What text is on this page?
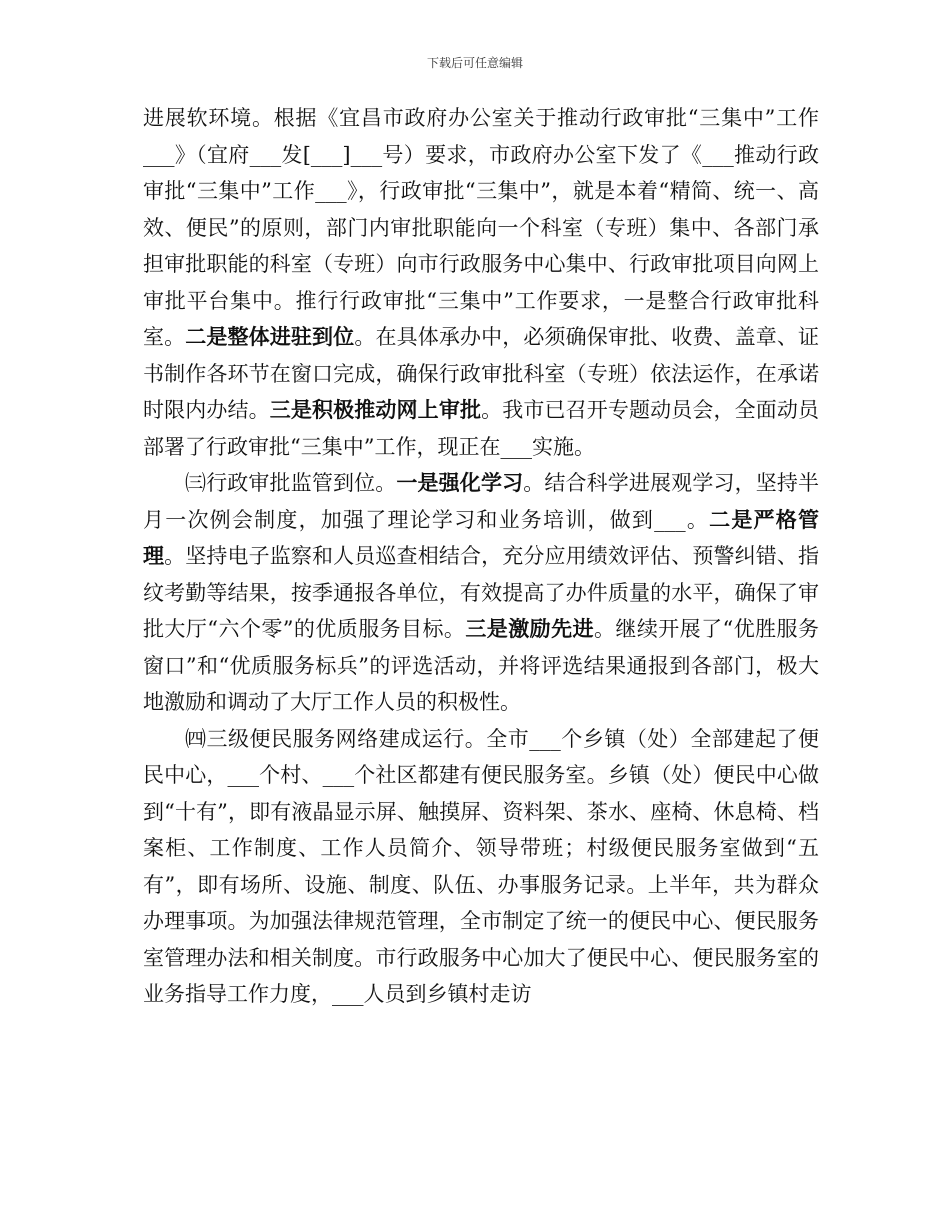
下载后可任意编辑

进展软环境。根据《宜昌市政府办公室关于推动行政审批“三集中”工作___》（宜府___发[___]___号）要求，市政府办公室下发了《___推动行政审批“三集中”工作___》，行政审批“三集中”，就是本着“精简、统一、高效、便民”的原则，部门内审批职能向一个科室（专班）集中、各部门承担审批职能的科室（专班）向市行政服务中心集中、行政审批项目向网上审批平台集中。推行行政审批“三集中”工作要求，一是整合行政审批科室。二是整体进驻到位。在具体承办中，必须确保审批、收费、盖章、证书制作各环节在窗口完成，确保行政审批科室（专班）依法运作，在承诺时限内办结。三是积极推动网上审批。我市已召开专题动员会，全面动员部署了行政审批“三集中”工作，现正在___实施。

㈢行政审批监管到位。一是强化学习。结合科学进展观学习，坚持半月一次例会制度，加强了理论学习和业务培训，做到___。二是严格管理。坚持电子监察和人员巡查相结合，充分应用绩效评估、预警纠错、指纹考勤等结果，按季通报各单位，有效提高了办件质量的水平，确保了审批大厅“六个零”的优质服务目标。三是激励先进。继续开展了“优胜服务窗口”和“优质服务标兵”的评选活动，并将评选结果通报到各部门，极大地激励和调动了大厅工作人员的积极性。

㈣三级便民服务网络建成运行。全市___个乡镇（处）全部建起了便民中心，___个村、___个社区都建有便民服务室。乡镇（处）便民中心做到“十有”，即有液晶显示屏、触摸屏、资料架、茶水、座椅、休息椅、档案柜、工作制度、工作人员简介、领导带班；村级便民服务室做到“五有”，即有场所、设施、制度、队伍、办事服务记录。上半年，共为群众办理事项。为加强法律规范管理，全市制定了统一的便民中心、便民服务室管理办法和相关制度。市行政服务中心加大了便民中心、便民服务室的业务指导工作力度，___人员到乡镇村走访
